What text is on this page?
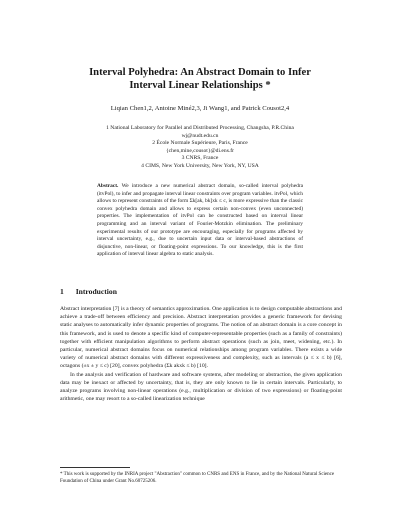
Interval Polyhedra: An Abstract Domain to Infer
Interval Linear Relationships *
Liqian Chen1,2, Antoine Miné2,3, Ji Wang1, and Patrick Cousot2,4
1 National Laboratory for Parallel and Distributed Processing, Changsha, P.R.China
wj@nudt.edu.cn
2 École Normale Supérieure, Paris, France
{chen,mine,cousot}@di.ens.fr
3 CNRS, France
4 CIMS, New York University, New York, NY, USA
Abstract. We introduce a new numerical abstract domain, so-called interval polyhedra (itvPol), to infer and propagate interval linear constraints over program variables. itvPol, which allows to represent constraints of the form Σk[ak, bk]xk ≤ c, is more expressive than the classic convex polyhedra domain and allows to express certain non-convex (even unconnected) properties. The implementation of itvPol can be constructed based on interval linear programming and an interval variant of Fourier-Motzkin elimination. The preliminary experimental results of our prototype are encouraging, especially for programs affected by interval uncertainty, e.g., due to uncertain input data or interval-based abstractions of disjunctive, non-linear, or floating-point expressions. To our knowledge, this is the first application of interval linear algebra to static analysis.
1 Introduction

Abstract interpretation [7] is a theory of semantics approximation. One application is to design computable abstractions and achieve a trade-off between efficiency and precision. Abstract interpretation provides a generic framework for devising static analyses to automatically infer dynamic properties of programs. The notion of an abstract domain is a core concept in this framework, and is used to denote a specific kind of computer-representable properties (such as a family of constraints) together with efficient manipulation algorithms to perform abstract operations (such as join, meet, widening, etc.). In particular, numerical abstract domains focus on numerical relationships among program variables. There exists a wide variety of numerical abstract domains with different expressiveness and complexity, such as intervals (a ≤ x ≤ b) [6], octagons (±x ± y ≤ c) [20], convex polyhedra (Σk akxk ≤ b) [10].

In the analysis and verification of hardware and software systems, after modeling or abstraction, the given application data may be inexact or affected by uncertainty, that is, they are only known to lie in certain intervals. Particularly, to analyze programs involving non-linear operations (e.g., multiplication or division of two expressions) or floating-point arithmetic, one may resort to a so-called linearization technique

* This work is supported by the INRIA project "Abstraction" common to CNRS and ENS in France, and by the National Natural Science Foundation of China under Grant No.60725206.
